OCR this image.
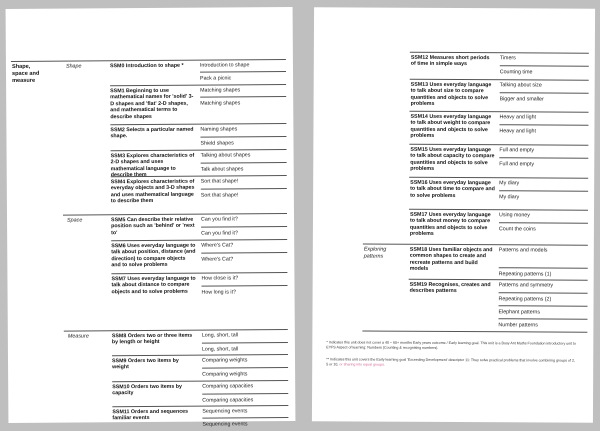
Shape, space and measure
Shape
Space
Measure
SSM0 Introduction to shape *	Introduction to shape
Pack a picnic
SSM1 Beginning to use mathematical names for 'solid' 3-D shapes and 'flat' 2-D shapes, and mathematical terms to describe shapes
Matching shapes
Matching shapes
SSM2 Selects a particular named shape.
Naming shapes
Shield shapes
SSM3 Explores characteristics of 2-D shapes and uses mathematical language to describe them
Talking about shapes
Talk about shapes
SSM4 Explores characteristics of everyday objects and 3-D shapes and uses mathematical language to describe them
Sort that shape!
Sort that shape!
SSM5 Can describe their relative position such as 'behind' or 'next to'
Can you find it?
Can you find it?
SSM6 Uses everyday language to talk about position, distance (and direction) to compare objects and to solve problems
Where's Cat?
Where's Cat?
SSM7 Uses everyday language to talk about distance to compare objects and to solve problems
How close is it?
How long is it?
SSM8 Orders two or three items by length or height
Long, short, tall
Long, short, tall
SSM9 Orders two items by weight
Comparing weights
Comparing weights
SSM10 Orders two items by capacity
Comparing capacities
Comparing capacities
SSM11 Orders and sequences familiar events
Sequencing events
Sequencing events
SSM12 Measures short periods of time in simple ways
Timers
Counting time
SSM13 Uses everyday language to talk about size to compare quantities and objects to solve problems
Talking about size
Bigger and smaller
SSM14 Uses everyday language to talk about weight to compare quantities and objects to solve problems
Heavy and light
Heavy and light
SSM15 Uses everyday language to talk about capacity to compare quantities and objects to solve problems
Full and empty
Full and empty
SSM16 Uses everyday language to talk about time to compare and to solve problems
My diary
My diary
SSM17 Uses everyday language to talk about money to compare quantities and objects to solve problems
Using money
Count the coins
Exploring patterns
SSM18 Uses familiar objects and common shapes to create and recreate patterns and build models
Patterns and models
Repeating patterns (1)
SSM19 Recognises, creates and describes patterns
Patterns and symmetry
Repeating patterns (2)
Elephant patterns
Number patterns
* Indicates this unit does not cover a 40 – 60+ months Early years outcome / Early learning goal. This unit is a Busy Ant Maths Foundation introductory unit to EYFS Aspect of learning: Numbers (Counting & recognising numbers).
** Indicates this unit covers the Early learning goal 'Exceeding Development' descriptor 11: They solve practical problems that involve combining groups of 2, 5 or 10, or sharing into equal groups.
